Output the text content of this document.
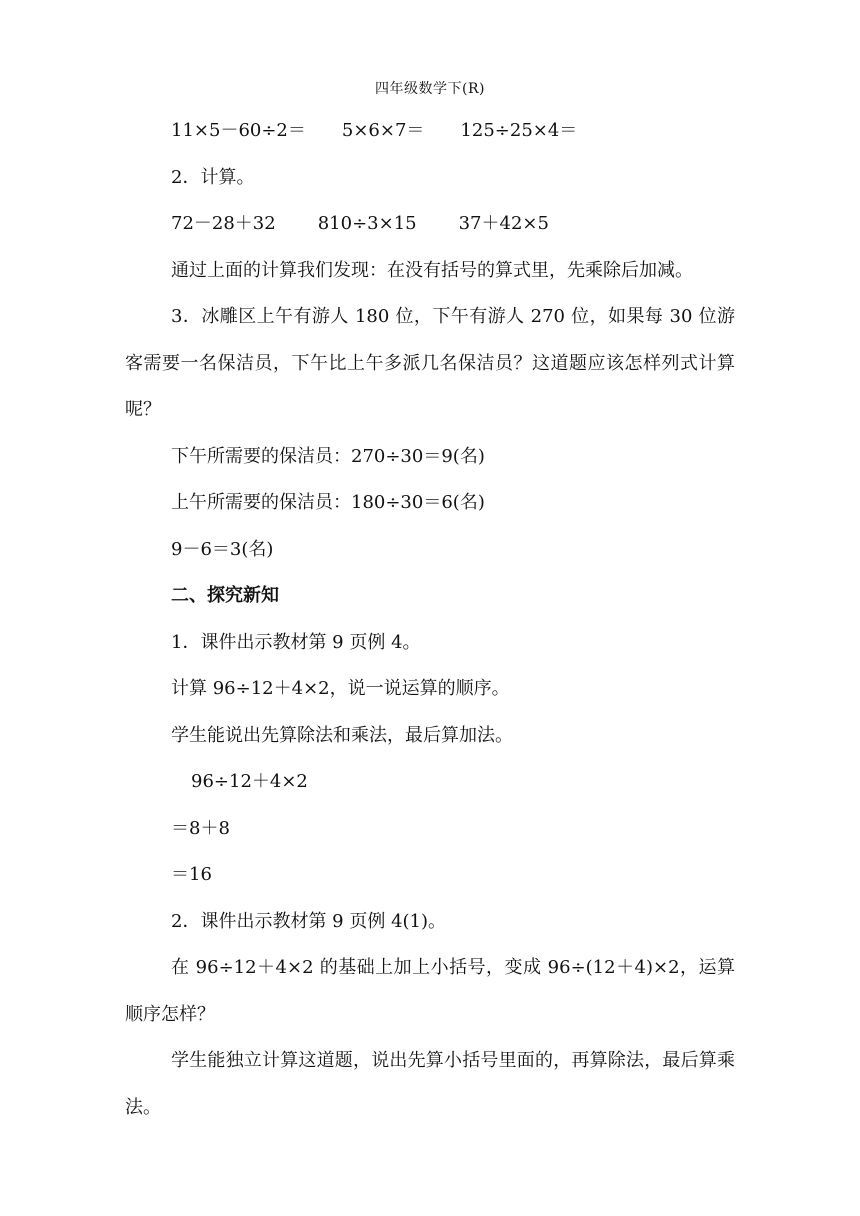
四年级数学下(R)
11×5－60÷2＝ 5×6×7＝ 125÷25×4＝
2．计算。
72－28＋32 810÷3×15 37＋42×5
通过上面的计算我们发现：在没有括号的算式里，先乘除后加减。
3．冰雕区上午有游人 180 位，下午有游人 270 位，如果每 30 位游客需要一名保洁员，下午比上午多派几名保洁员？这道题应该怎样列式计算呢？
下午所需要的保洁员：270÷30＝9(名)
上午所需要的保洁员：180÷30＝6(名)
9－6＝3(名)
二、探究新知
1．课件出示教材第 9 页例 4。
计算 96÷12＋4×2，说一说运算的顺序。
学生能说出先算除法和乘法，最后算加法。
96÷12＋4×2
＝8＋8
＝16
2．课件出示教材第 9 页例 4(1)。
在 96÷12＋4×2 的基础上加上小括号，变成 96÷(12＋4)×2，运算顺序怎样？
学生能独立计算这道题，说出先算小括号里面的，再算除法，最后算乘法。
